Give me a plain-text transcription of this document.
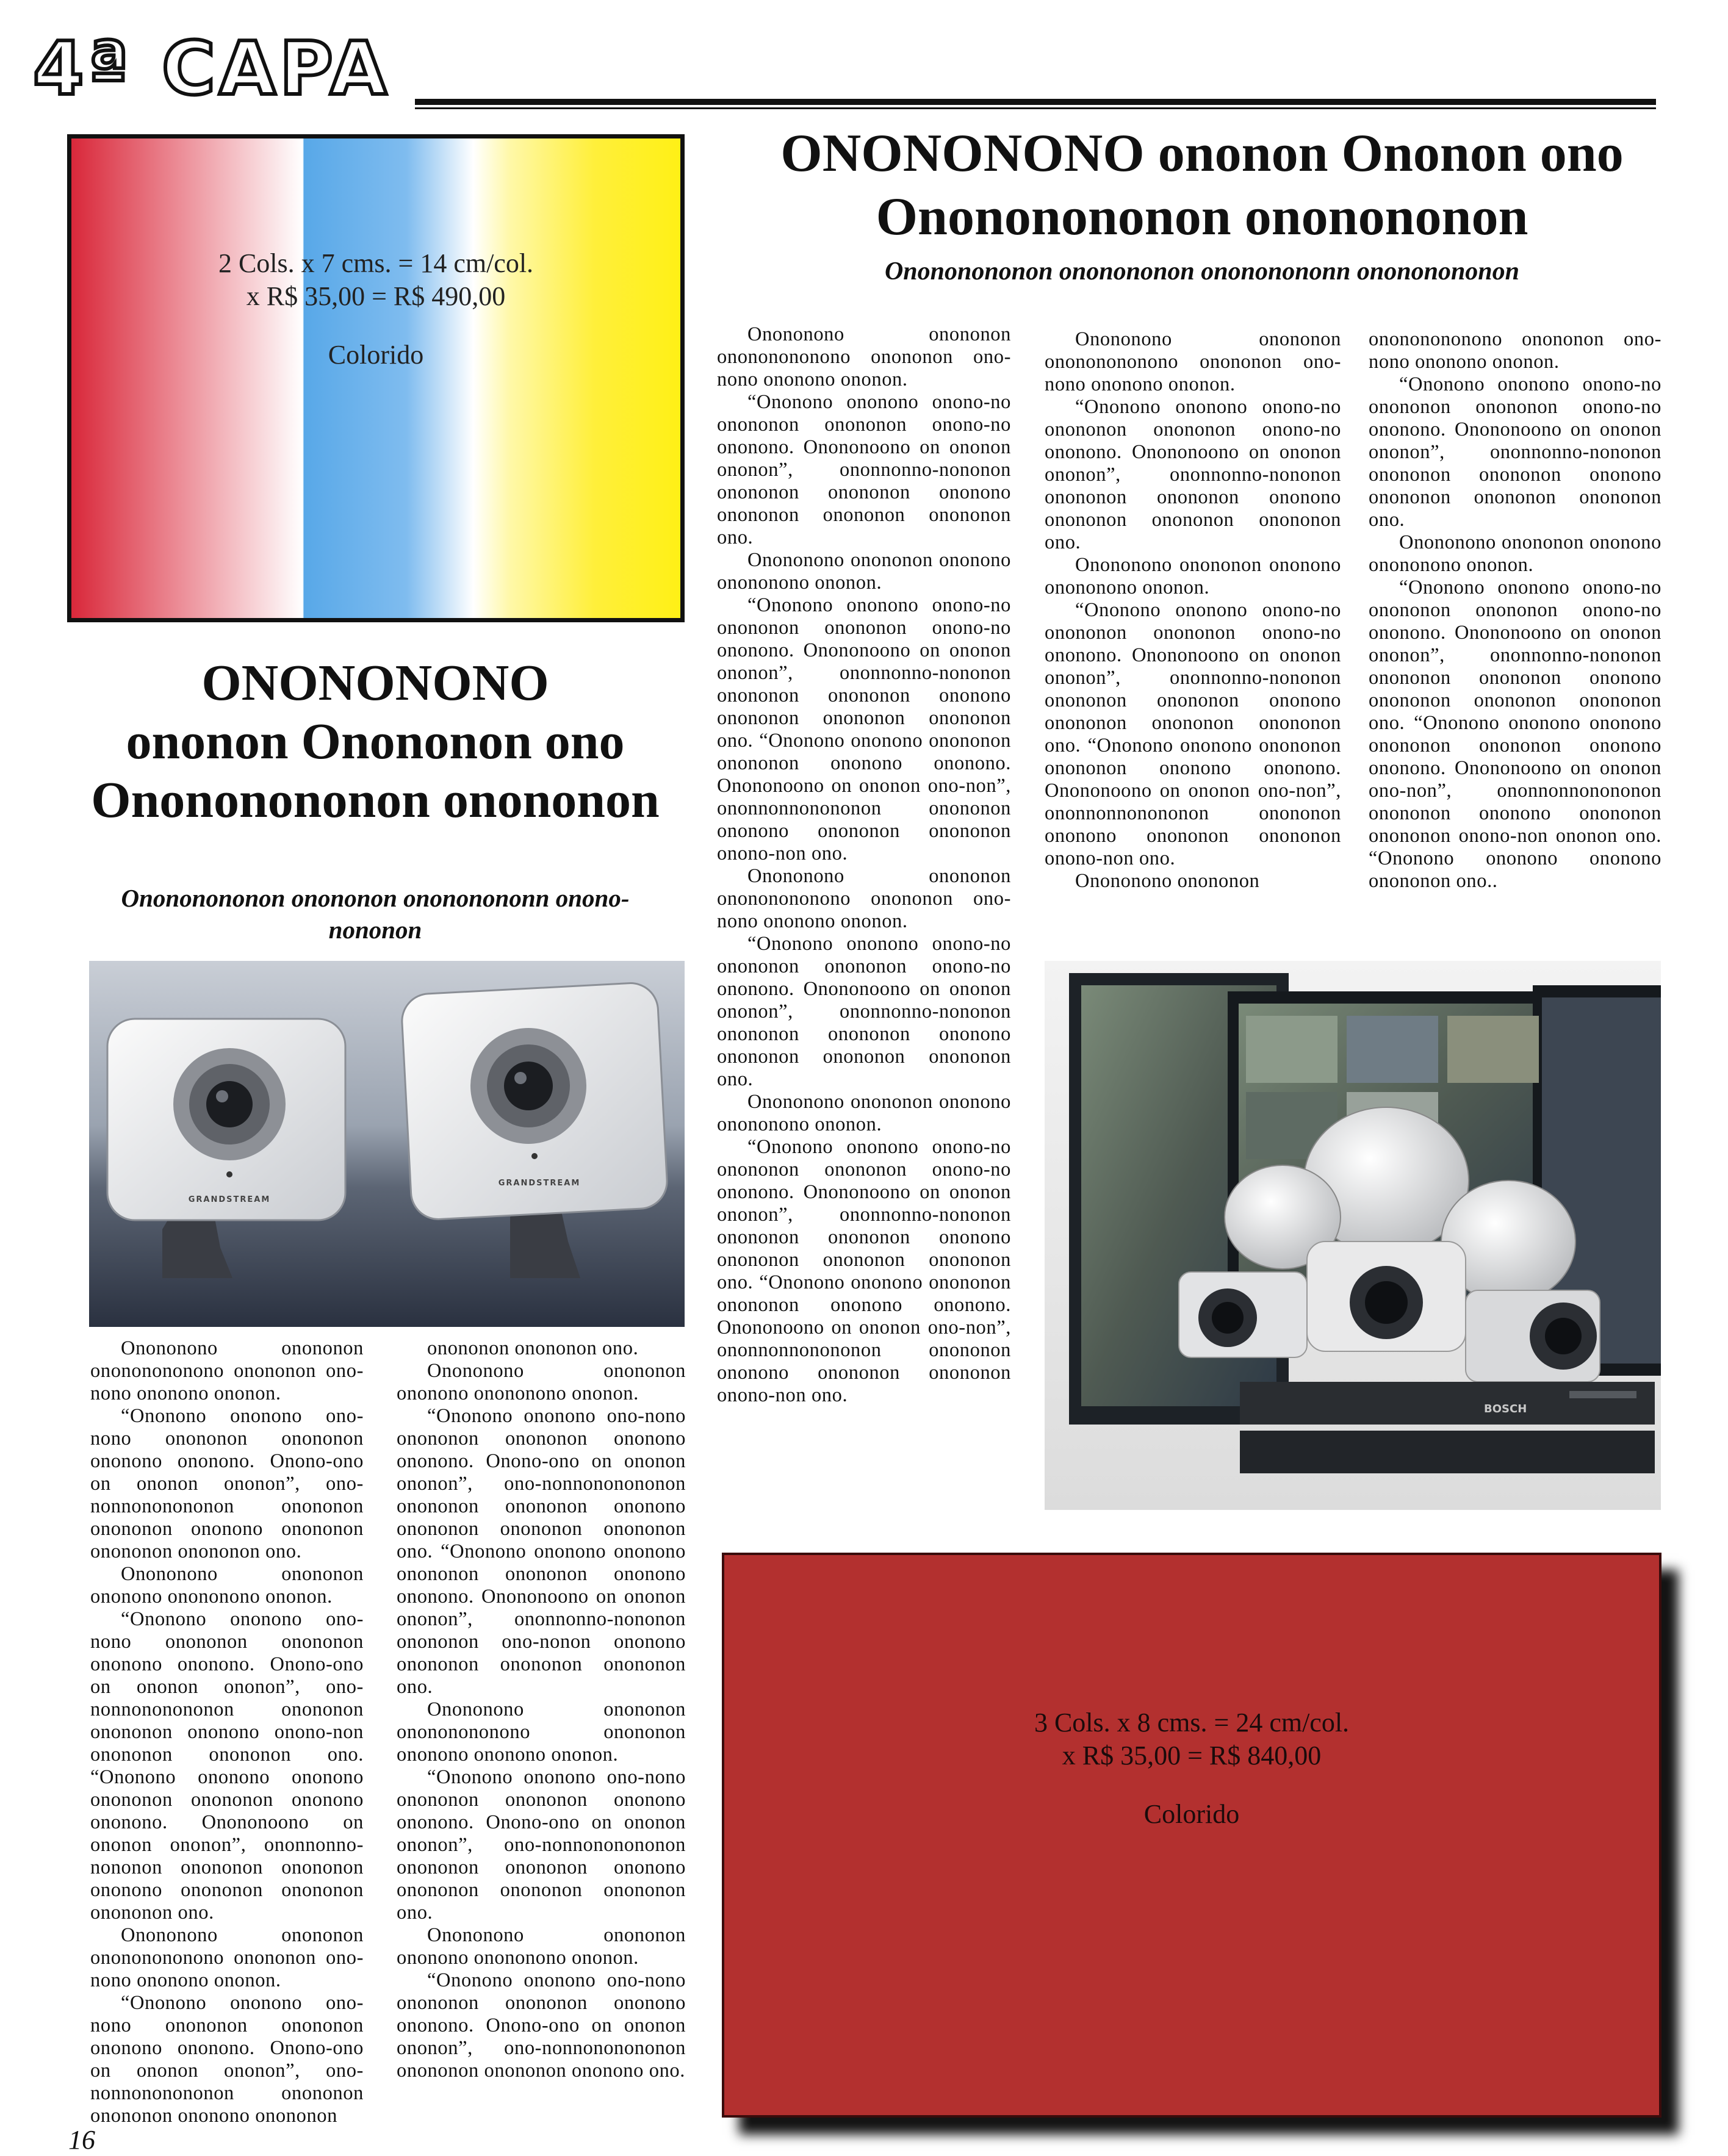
4ª CAPA
2 Cols. x 7 cms. = 14 cm/col.
x R$ 35,00 = R$ 490,00
Colorido
ONONONONO ononon Ononon ono
Onononononon ononononon
Onononononon ononononon onononononn onononononon
ONONONONO
ononon Onononon ono
Onononononon onononon
Onononononon onononon onononononn onono-
nononon
GRANDSTREAM
GRANDSTREAM
BOSCH

Onononono onononon onononononono onononon ono-nono ononono ononon.

“Ononono ononono ono-nono onononon onononon ononono ononono. Onono-ono on ononon ononon”, ono-nonnononononon onononon onononon ononono onononon onononon onononon ono.

Onononono onononon ononono onononono ononon.

“Ononono ononono ono-nono onononon onononon ononono ononono. Onono-ono on ononon ononon”, ono-nonnononononon onononon onononon ononono onono-non onononon onononon ono. “Ononono ononono ononono onononon onononon ononono ononono. Onononoono on ononon ononon”, ononnonno-nononon onononon onononon ononono onononon onononon onononon ono.

Onononono onononon onononononono onononon ono-nono ononono ononon.

“Ononono ononono ono-nono onononon onononon ononono ononono. Onono-ono on ononon ononon”, ono-nonnononononon onononon onononon ononono onononon

onononon onononon ono.

Onononono onononon ononono onononono ononon.

“Ononono ononono ono-nono onononon onononon ononono ononono. Onono-ono on ononon ononon”, ono-nonnononononon onononon onononon ononono onononon onononon onononon ono. “Ononono ononono ononono onononon onononon ononono ononono. Onononoono on ononon ononon”, ononnonno-nononon onononon ono-nonon ononono onononon onononon onononon ono.

Onononono onononon onononononono onononon ononono ononono ononon.

“Ononono ononono ono-nono onononon onononon ononono ononono. Onono-ono on ononon ononon”, ono-nonnononononon onononon onononon ononono onononon onononon onononon ono.

Onononono onononon ononono onononono ononon.

“Ononono ononono ono-nono onononon onononon ononono ononono. Onono-ono on ononon ononon”, ono-nonnononononon onononon onononon ononono ono.

Onononono onononon onononononono onononon ono-nono ononono ononon.

“Ononono ononono onono-no onononon onononon onono-no ononono. Onononoono on ononon ononon”, ononnonno-nononon onononon onononon ononono onononon onononon onononon ono.

Onononono onononon ononono onononono ononon.

“Ononono ononono onono-no onononon onononon onono-no ononono. Onononoono on ononon ononon”, ononnonno-nononon onononon onononon ononono onononon onononon onononon ono. “Ononono ononono onononon onononon ononono ononono. Onononoono on ononon ono-non”, ononnonnonononon onononon ononono onononon onononon onono-non ono.

Onononono onononon onononononono onononon ono-nono ononono ononon.

“Ononono ononono onono-no onononon onononon onono-no ononono. Onononoono on ononon ononon”, ononnonno-nononon onononon onononon ononono onononon onononon onononon ono.

Onononono onononon ononono onononono ononon.

“Ononono ononono onono-no onononon onononon onono-no ononono. Onononoono on ononon ononon”, ononnonno-nononon onononon onononon ononono onononon onononon onononon ono. “Ononono ononono onononon onononon ononono ononono. Onononoono on ononon ono-non”, ononnonnonononon onononon ononono onononon onononon onono-non ono.

Onononono onononon onononononono onononon ono-nono ononono ononon.

“Ononono ononono onono-no onononon onononon onono-no ononono. Onononoono on ononon ononon”, ononnonno-nononon onononon onononon ononono onononon onononon onononon ono.

Onononono onononon ononono onononono ononon.

“Ononono ononono onono-no onononon onononon onono-no ononono. Onononoono on ononon ononon”, ononnonno-nononon onononon onononon ononono onononon onononon onononon ono. “Ononono ononono onononon onononon ononono ononono. Onononoono on ononon ono-non”, ononnonnonononon onononon ononono onononon onononon onono-non ono.

Onononono onononon

onononononono onononon ono-nono ononono ononon.

“Ononono ononono onono-no onononon onononon onono-no ononono. Onononoono on ononon ononon”, ononnonno-nononon onononon onononon ononono onononon onononon onononon ono.

Onononono onononon ononono onononono ononon.

“Ononono ononono onono-no onononon onononon onono-no ononono. Onononoono on ononon ononon”, ononnonno-nononon onononon onononon ononono onononon onononon onononon ono. “Ononono ononono ononono onononon onononon ononono ononono. Onononoono on ononon ono-non”, ononnonnonononon onononon ononono onononon onononon onono-non ononon ono. “Ononono ononono ononono onononon ono..

3 Cols. x 8 cms. = 24 cm/col.
x R$ 35,00 = R$ 840,00
Colorido
16
